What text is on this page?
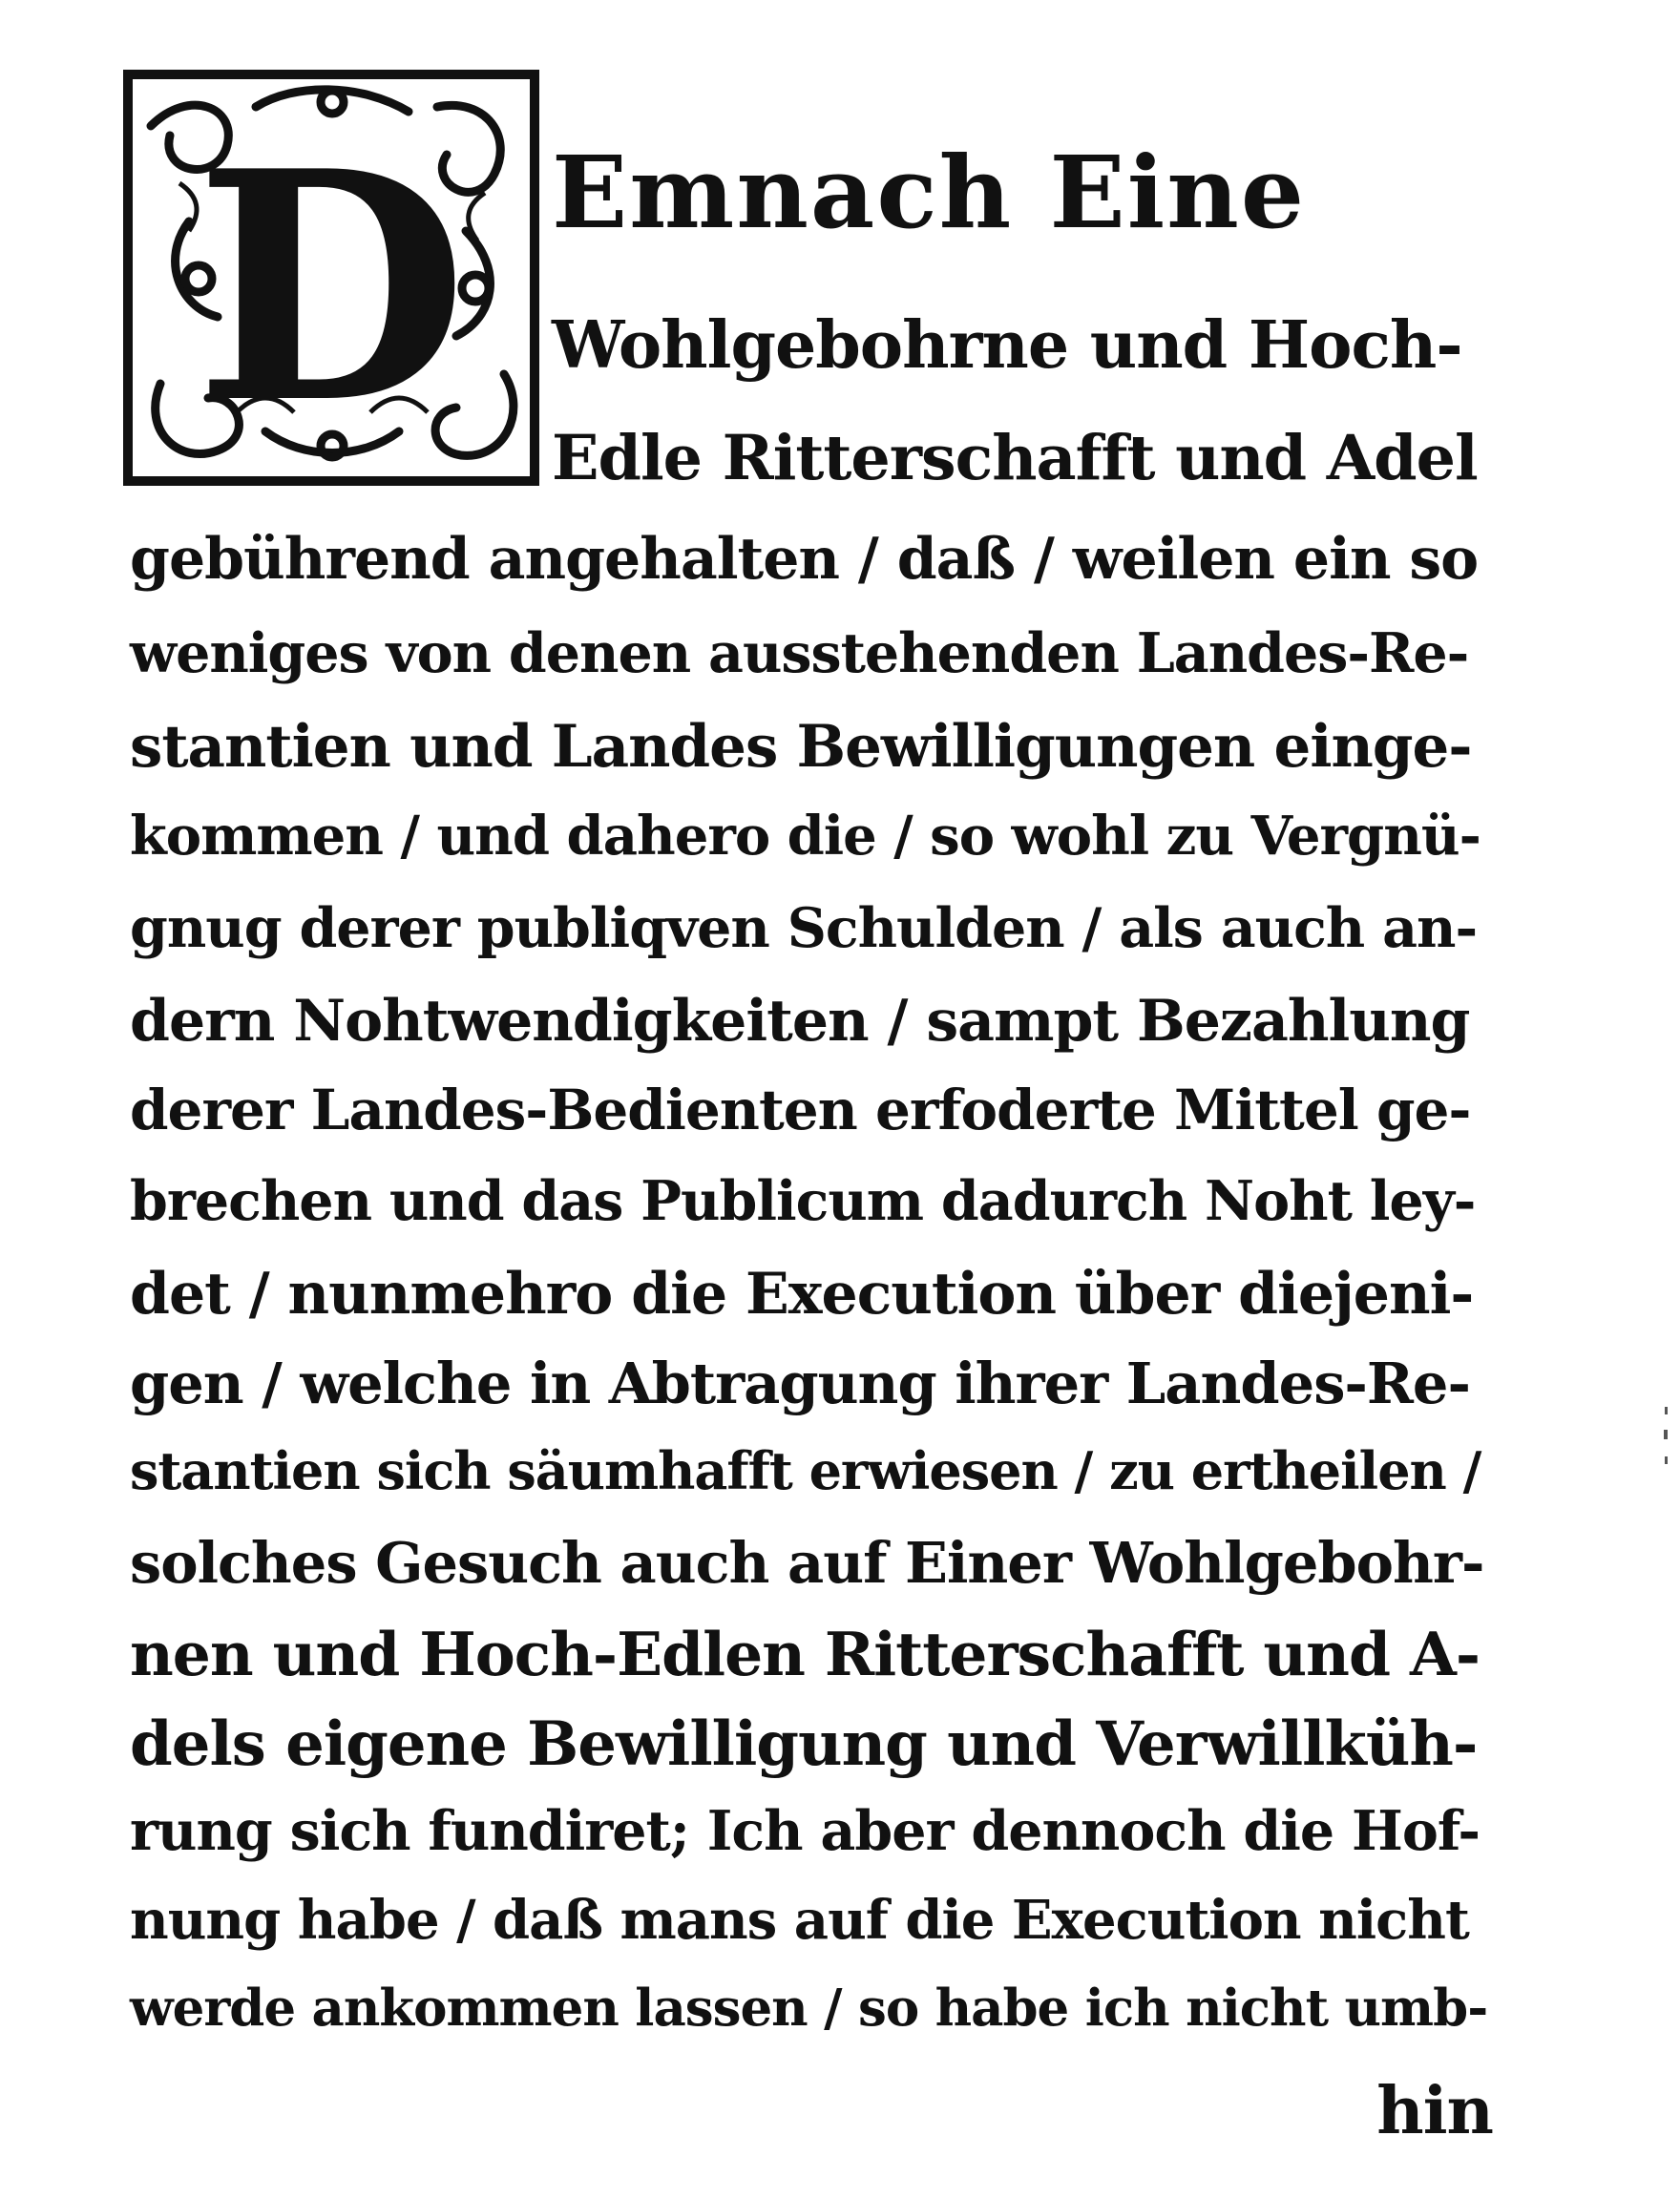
D Emnach Eine

Wohlgebohrne und Hoch-

Edle Ritterschafft und Adel

gebührend angehalten / daß / weilen ein so

weniges von denen ausstehenden Landes-Re-

stantien und Landes Bewilligungen einge-

kommen / und dahero die / so wohl zu Vergnü-

gnug derer publiqven Schulden / als auch an-

dern Nohtwendigkeiten / sampt Bezahlung

derer Landes-Bedienten erfoderte Mittel ge-

brechen und das Publicum dadurch Noht ley-

det / nunmehro die Execution über diejeni-

gen / welche in Abtragung ihrer Landes-Re-

stantien sich säumhafft erwiesen / zu ertheilen /

solches Gesuch auch auf Einer Wohlgebohr-

nen und Hoch-Edlen Ritterschafft und A-

dels eigene Bewilligung und Verwillküh-

rung sich fundiret; Ich aber dennoch die Hof-

nung habe / daß mans auf die Execution nicht

werde ankommen lassen / so habe ich nicht umb-

hin
